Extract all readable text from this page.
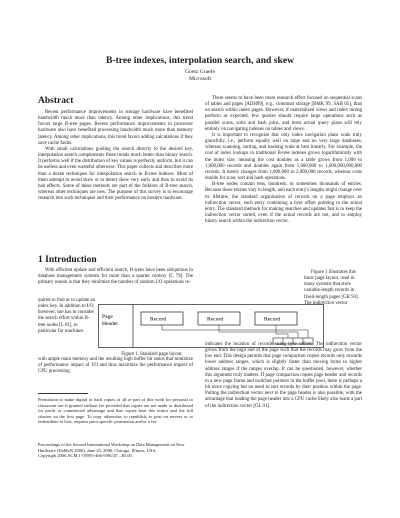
B-tree indexes, interpolation search, and skew
Goetz Graefe
Microsoft
Abstract

Recent performance improvements in storage hardware have benefited bandwidth much more than latency. Among other implications, this trend favors large B-tree pages. Recent performance improvements in processor hardware also have benefited processing bandwidth much more than memory latency. Among other implications, this trend favors adding calculations if they save cache faults.

With small calculations guiding the search directly to the desired key, interpolation search complements these trends much better than binary search. It performs well if the distribution of key values is perfectly uniform, but it can be useless and even wasteful otherwise. This paper collects and describes more than a dozen techniques for interpolation search in B-tree indexes. Most of them attempt to avoid skew or to detect skew very early and then to avoid its bad effects. Some of these methods are part of the folklore of B-tree search, whereas other techniques are new. The purpose of this survey is to encourage research into such techniques and their performance on modern hardware.

1 Introduction

With efficient update and efficient search, B-trees have been ubiquitous in database management systems for more than a quarter century [C 79]. The primary reason is that they minimize the number of random I/O operations re-

quired to find or to update an index key. In addition to I/O, however, use has to consider the search effort within B-tree nodes [L 01], in particular for machines

Page Header
Record	Record	Record
Figure 1. Standard page layout.

with ample main memory and the resulting high buffer hit ratios that minimize of performance impact of I/O and thus maximize the performance impact of CPU processing.

Permission to make digital or hard copies of all or part of this work for personal or classroom use is granted without fee provided that copies are not made or distributed for profit or commercial advantage and that copies bear this notice and the full citation on the first page. To copy otherwise, to republish, to post on servers or to redistribute to lists, requires prior specific permission and/or a fee.

Proceedings of the Second International Workshop on Data Management on New Hardware (DaMoN 2006), June 25, 2006, Chicago, Illinois, USA.

Copyright 2006 ACM 1-59593-466-9/06/25 ...$5.00.

There seems to have been more research effort focused on sequential scans of tables and pages [ADH99], e.g., columnar storage [BMK 99, SAB 05], than on search within index pages. However, if materialized views and index tuning perform as expected, few queries should require large operations such as parallel scans, sorts and hash joins, and most actual query plans will rely entirely on navigating indexes on tables and views.

It is important to recognize that only index navigation plans scale truly gracefully, i.e., perform equally well on large and on very large databases, whereas scanning, sorting, and hashing scale at best linearly. For example, the cost of index lookups in traditional B-tree indexes grows logarithmically with the index size, meaning the cost doubles as a table grows from 1,000 to 1,000,000 records and doubles again from 1,000,000 to 1,000,000,000,000 records. It barely changes from 1,000,000 to 2,000,000 records, whereas costs double for scan, sort and hash operations.

B-tree nodes contain tens, hundreds, or sometimes thousands of entries. Because these entries vary in length, and each entry's lengths might change over its lifetime, the standard organization of records on a page employs an indirection vector, each entry containing a byte offset pointing to the actual entry. The standard methods for making searches and updates fast is to keep the indirection vector sorted, even if the actual records are not, and to employ binary search within the indirection vector.

Figure 1 illustrates this basic page layout, used in many systems that store variable-length records in fixed-length pages [GR 93]. The indirection vector

indicates the location of records using byte offsets. The indirection vector grows from the high end of the page such that the records may grow from the low end. This design permits that page compaction copies records only towards lower address ranges, which is slightly faster than moving bytes to higher address ranges if the ranges overlap. It can be questioned, however, whether this argument truly matters. If page compaction copies page header and records to a new page frame and switches pointers in the buffer pool, there is perhaps a bit more copying but no need to sort records by their position within the page. Putting the indirection vector next to the page header is also possible, with the advantage that loading the page header into a CPU cache likely also loads a part of the indirection vector [GL 01].
